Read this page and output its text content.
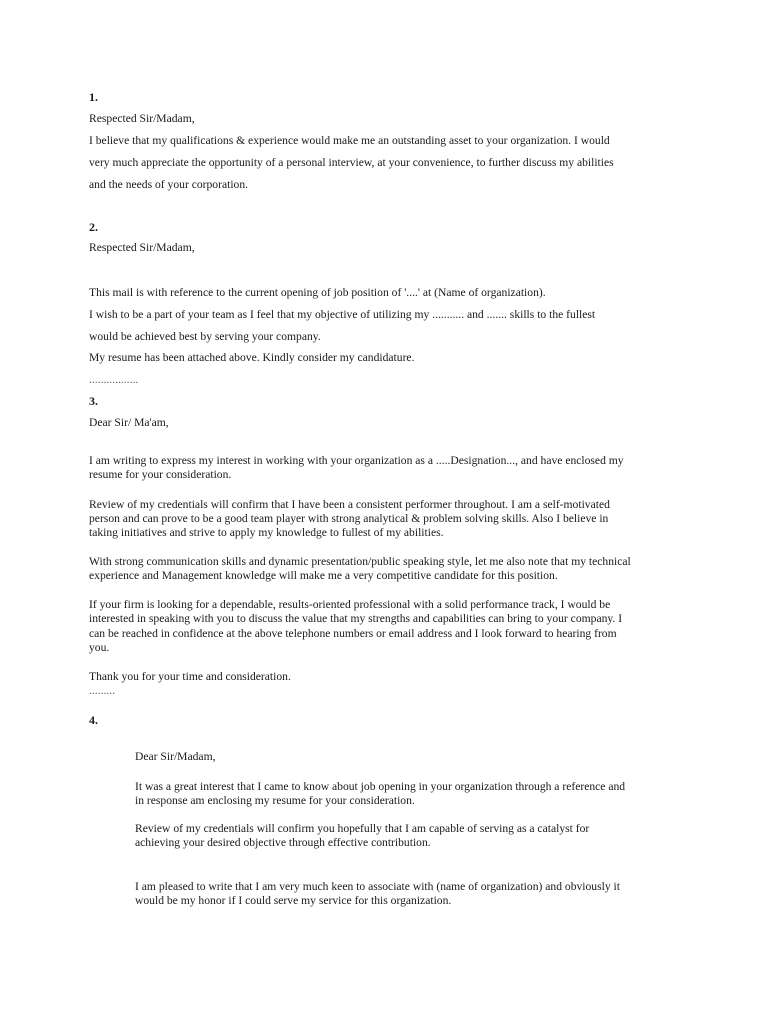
1.
Respected Sir/Madam,
I believe that my qualifications & experience would make me an outstanding asset to your organization. I would
very much appreciate the opportunity of a personal interview, at your convenience, to further discuss my abilities
and the needs of your corporation.
2.
Respected Sir/Madam,
This mail is with reference to the current opening of job position of '....' at (Name of organization).
I wish to be a part of your team as I feel that my objective of utilizing my ........... and ....... skills to the fullest
would be achieved best by serving your company.
My resume has been attached above. Kindly consider my candidature.
.................
3.
Dear Sir/ Ma'am,
I am writing to express my interest in working with your organization as a .....Designation..., and have enclosed my
resume for your consideration.
Review of my credentials will confirm that I have been a consistent performer throughout. I am a self-motivated
person and can prove to be a good team player with strong analytical & problem solving skills. Also I believe in
taking initiatives and strive to apply my knowledge to fullest of my abilities.
With strong communication skills and dynamic presentation/public speaking style, let me also note that my technical
experience and Management knowledge will make me a very competitive candidate for this position.
If your firm is looking for a dependable, results-oriented professional with a solid performance track, I would be
interested in speaking with you to discuss the value that my strengths and capabilities can bring to your company. I
can be reached in confidence at the above telephone numbers or email address and I look forward to hearing from
you.
Thank you for your time and consideration.
.........
4.
Dear Sir/Madam,
It was a great interest that I came to know about job opening in your organization through a reference and
in response am enclosing my resume for your consideration.
Review of my credentials will confirm you hopefully that I am capable of serving as a catalyst for
achieving your desired objective through effective contribution.
I am pleased to write that I am very much keen to associate with (name of organization) and obviously it
would be my honor if I could serve my service for this organization.
